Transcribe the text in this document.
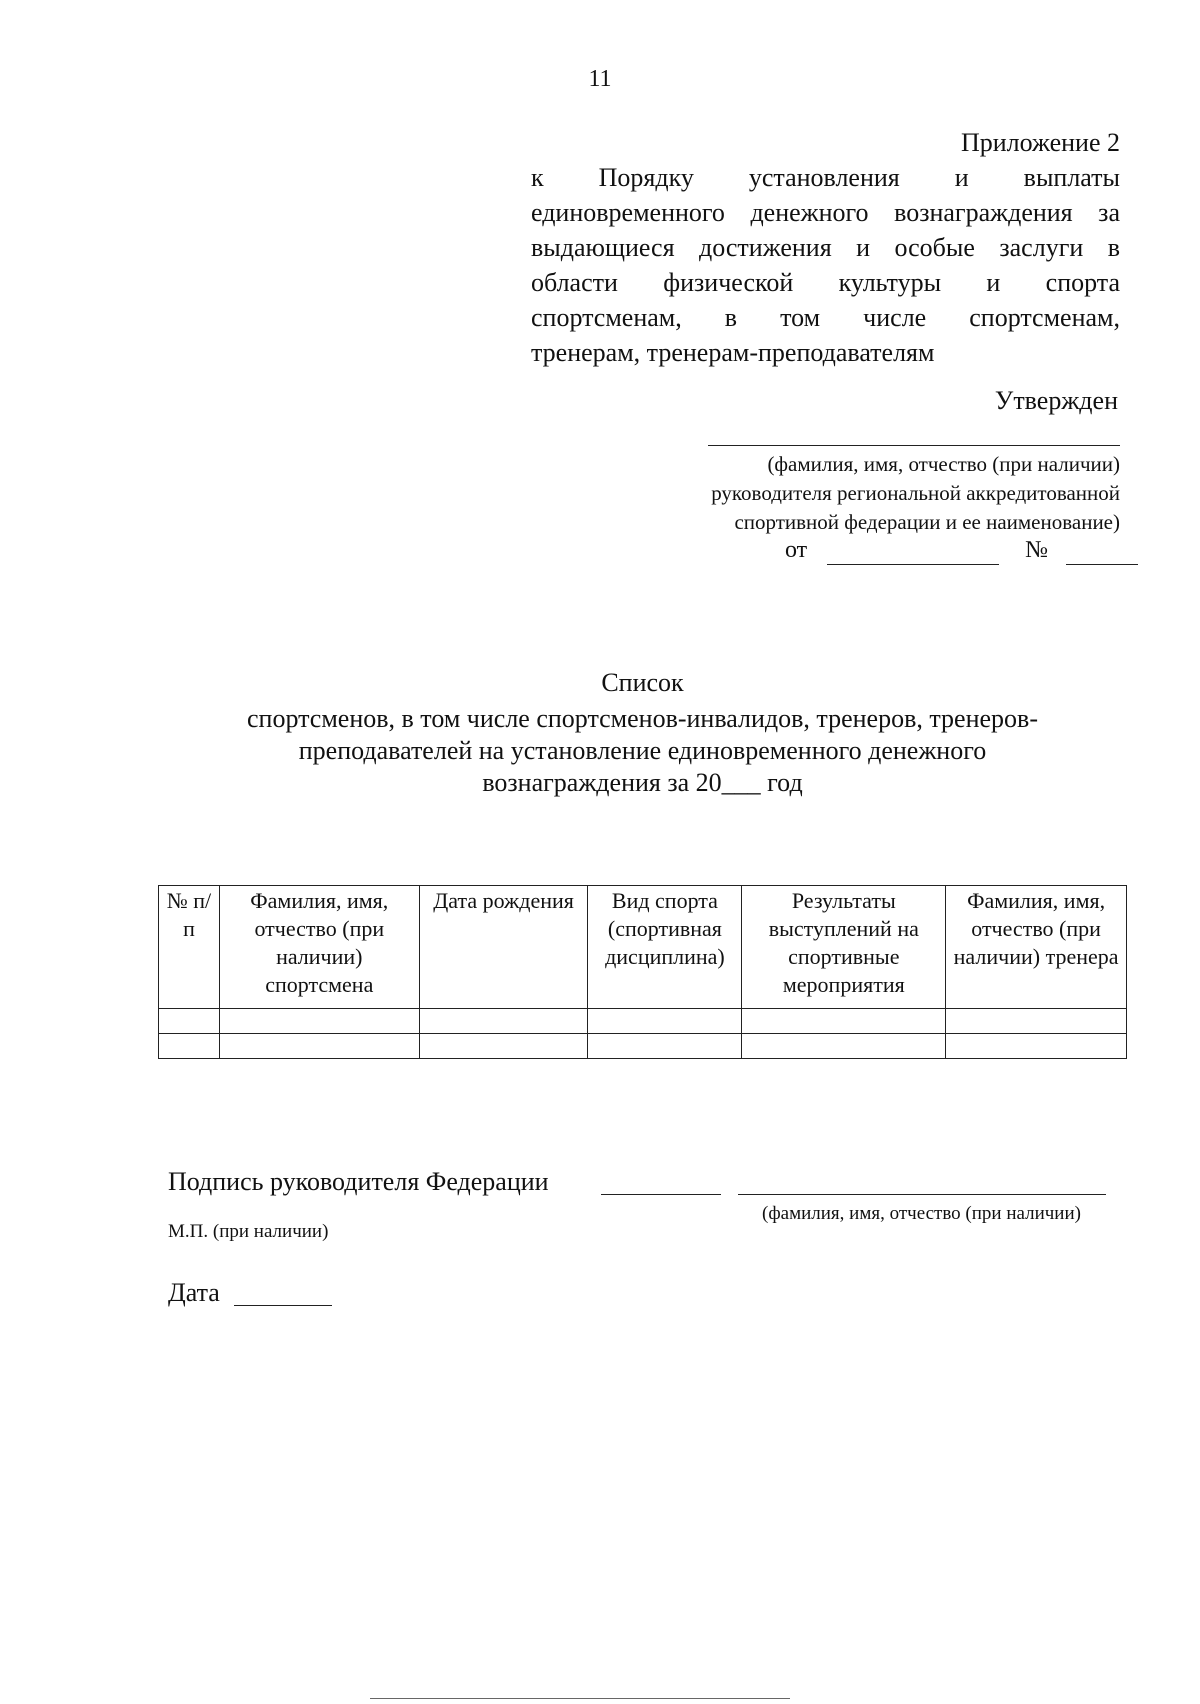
11
Приложение 2
к Порядку установления и выплаты
единовременного денежного вознаграждения за
выдающиеся достижения и особые заслуги в
области физической культуры и спорта
спортсменам, в том числе спортсменам,
тренерам, тренерам-преподавателям
Утвержден
(фамилия, имя, отчество (при наличии)
руководителя региональной аккредитованной
спортивной федерации и ее наименование)
от	№
Список
спортсменов, в том числе спортсменов-инвалидов, тренеров, тренеров-
преподавателей на установление единовременного денежного
вознаграждения за 20___ год
№ п/п	Фамилия, имя, отчество (при наличии) спортсмена	Дата рождения	Вид спорта (спортивная дисциплина)	Результаты выступлений на спортивные мероприятия	Фамилия, имя, отчество (при наличии) тренера

Подпись руководителя Федерации
(фамилия, имя, отчество (при наличии)
М.П. (при наличии)
Дата
